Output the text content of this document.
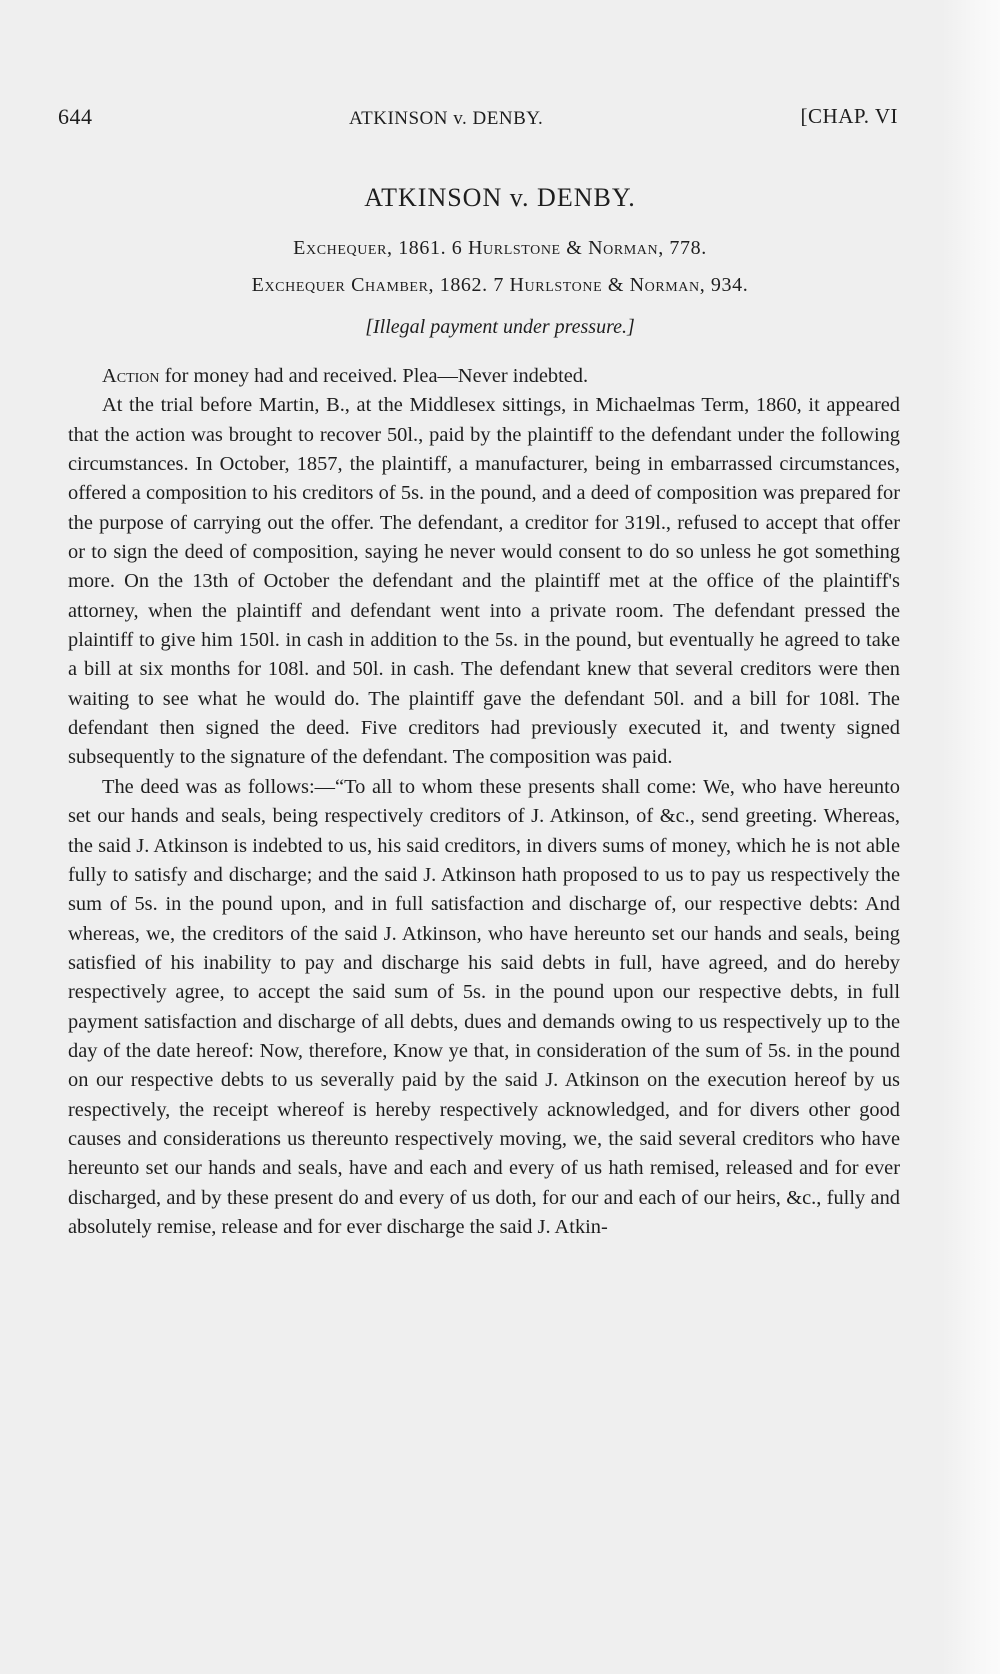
644	ATKINSON v. DENBY.	[CHAP. VI
ATKINSON v. DENBY.
Exchequer, 1861. 6 Hurlstone & Norman, 778.
Exchequer Chamber, 1862. 7 Hurlstone & Norman, 934.
[Illegal payment under pressure.]

Action for money had and received. Plea—Never indebted.

At the trial before Martin, B., at the Middlesex sittings, in Michaelmas Term, 1860, it appeared that the action was brought to recover 50l., paid by the plaintiff to the defendant under the following circumstances. In October, 1857, the plaintiff, a manufacturer, being in embarrassed circumstances, offered a composition to his creditors of 5s. in the pound, and a deed of composition was prepared for the purpose of carrying out the offer. The defendant, a creditor for 319l., refused to accept that offer or to sign the deed of composition, saying he never would consent to do so unless he got something more. On the 13th of October the defendant and the plaintiff met at the office of the plaintiff's attorney, when the plaintiff and defendant went into a private room. The defendant pressed the plaintiff to give him 150l. in cash in addition to the 5s. in the pound, but eventually he agreed to take a bill at six months for 108l. and 50l. in cash. The defendant knew that several creditors were then waiting to see what he would do. The plaintiff gave the defendant 50l. and a bill for 108l. The defendant then signed the deed. Five creditors had previously executed it, and twenty signed subsequently to the signature of the defendant. The composition was paid.

The deed was as follows:—“To all to whom these presents shall come: We, who have hereunto set our hands and seals, being respectively creditors of J. Atkinson, of &c., send greeting. Whereas, the said J. Atkinson is indebted to us, his said creditors, in divers sums of money, which he is not able fully to satisfy and discharge; and the said J. Atkinson hath proposed to us to pay us respectively the sum of 5s. in the pound upon, and in full satisfaction and discharge of, our respective debts: And whereas, we, the creditors of the said J. Atkinson, who have hereunto set our hands and seals, being satisfied of his inability to pay and discharge his said debts in full, have agreed, and do hereby respectively agree, to accept the said sum of 5s. in the pound upon our respective debts, in full payment satisfaction and discharge of all debts, dues and demands owing to us respectively up to the day of the date hereof: Now, therefore, Know ye that, in consideration of the sum of 5s. in the pound on our respective debts to us severally paid by the said J. Atkinson on the execution hereof by us respectively, the receipt whereof is hereby respectively acknowledged, and for divers other good causes and considerations us thereunto respectively moving, we, the said several creditors who have hereunto set our hands and seals, have and each and every of us hath remised, released and for ever discharged, and by these present do and every of us doth, for our and each of our heirs, &c., fully and absolutely remise, release and for ever discharge the said J. Atkin-
